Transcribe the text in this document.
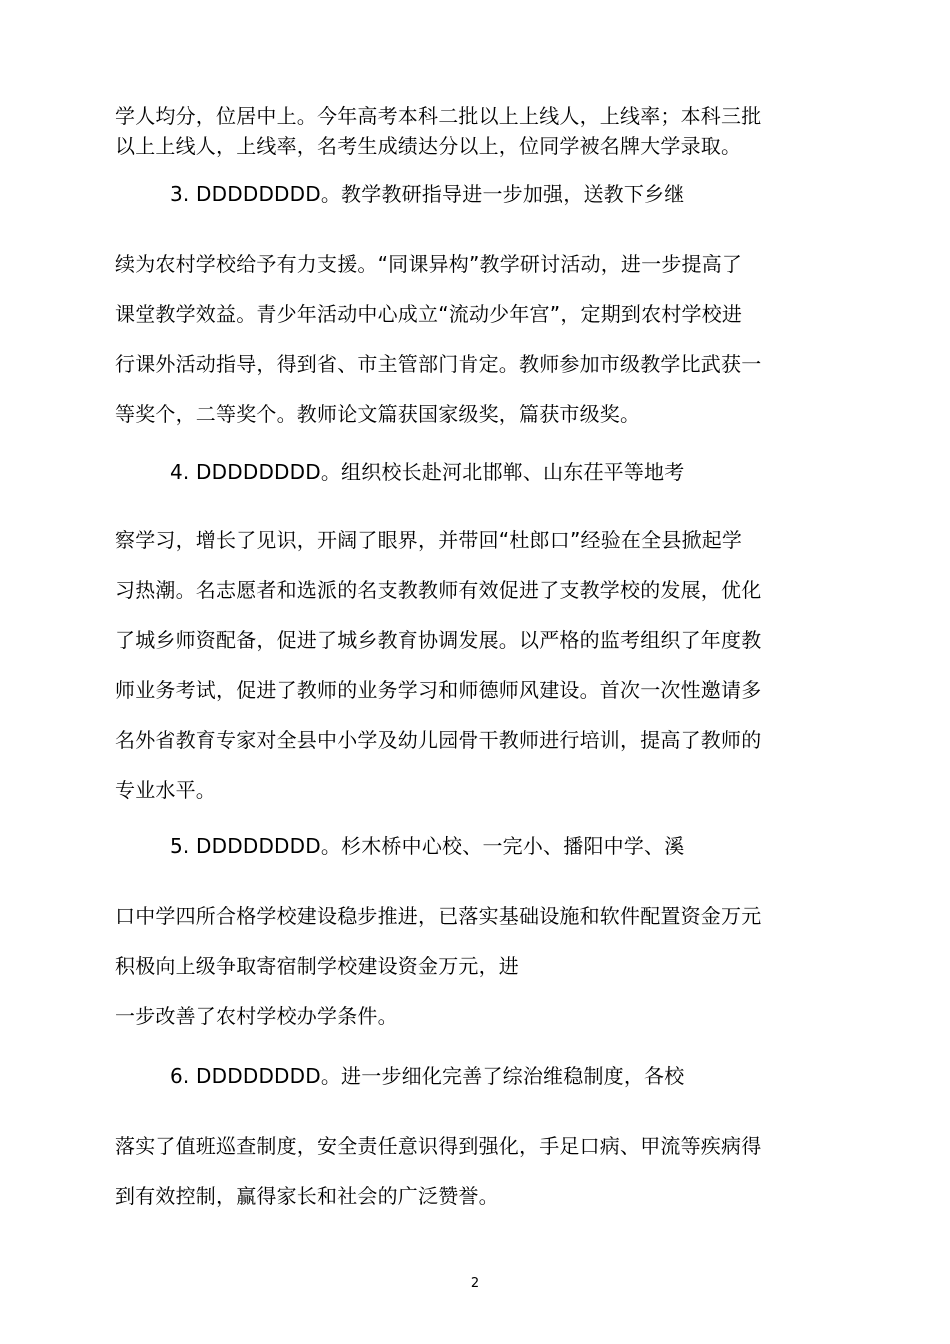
学人均分，位居中上。今年高考本科二批以上上线人，上线率；本科三批
以上上线人，上线率，名考生成绩达分以上，位同学被名牌大学录取。
3. DDDDDDDD。教学教研指导进一步加强，送教下乡继
续为农村学校给予有力支援。“同课异构”教学研讨活动，进一步提高了
课堂教学效益。青少年活动中心成立“流动少年宫”，定期到农村学校进
行课外活动指导，得到省、市主管部门肯定。教师参加市级教学比武获一
等奖个，二等奖个。教师论文篇获国家级奖，篇获市级奖。
4. DDDDDDDD。组织校长赴河北邯郸、山东茌平等地考
察学习，增长了见识，开阔了眼界，并带回“杜郎口”经验在全县掀起学
习热潮。名志愿者和选派的名支教教师有效促进了支教学校的发展，优化
了城乡师资配备，促进了城乡教育协调发展。以严格的监考组织了年度教
师业务考试，促进了教师的业务学习和师德师风建设。首次一次性邀请多
名外省教育专家对全县中小学及幼儿园骨干教师进行培训，提高了教师的
专业水平。
5. DDDDDDDD。杉木桥中心校、一完小、播阳中学、溪
口中学四所合格学校建设稳步推进，已落实基础设施和软件配置资金万元
积极向上级争取寄宿制学校建设资金万元，进
一步改善了农村学校办学条件。
6. DDDDDDDD。进一步细化完善了综治维稳制度，各校
落实了值班巡查制度，安全责任意识得到强化，手足口病、甲流等疾病得
到有效控制，赢得家长和社会的广泛赞誉。
2
